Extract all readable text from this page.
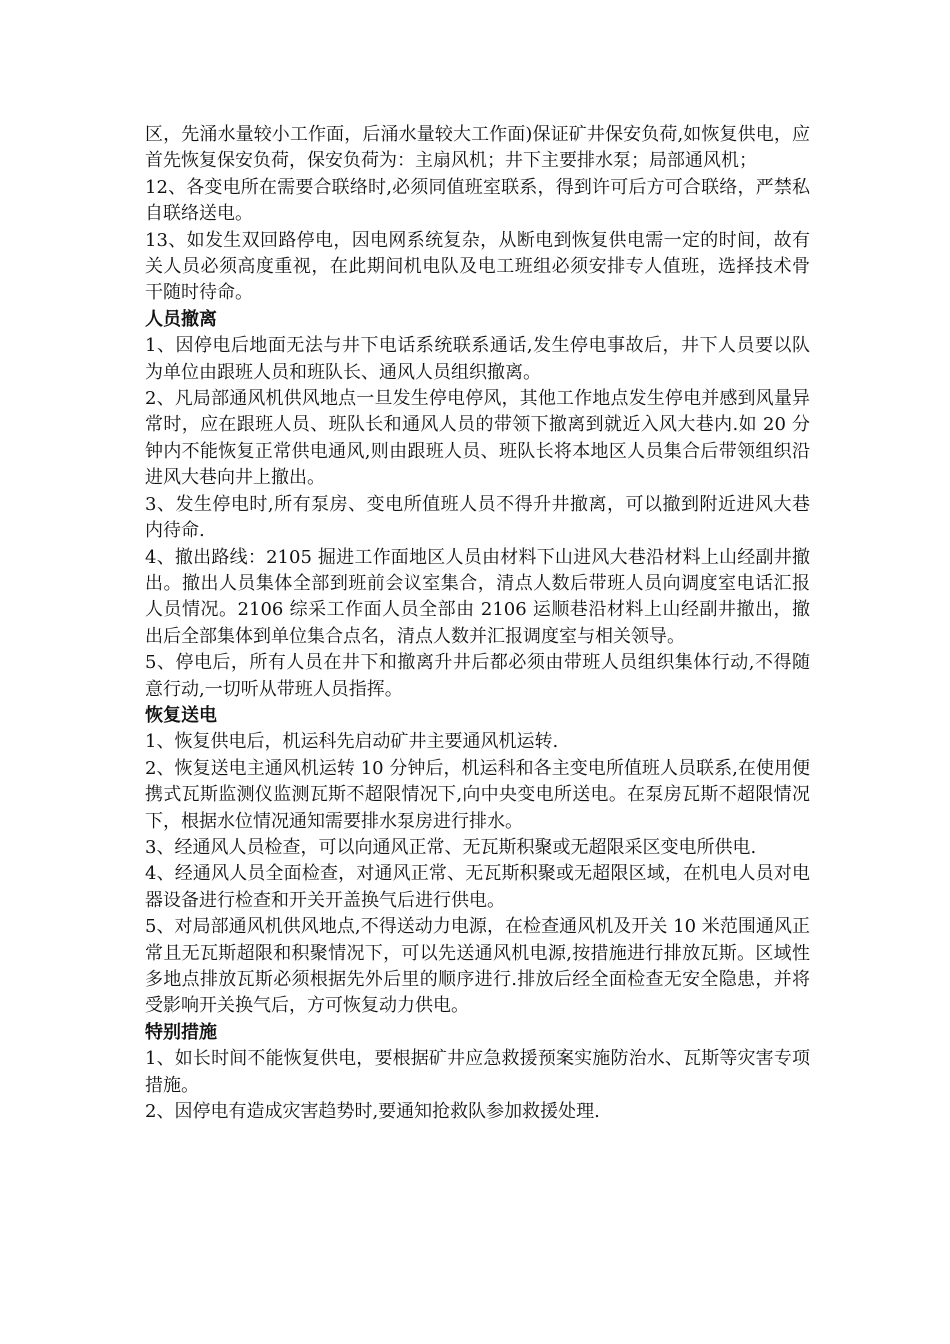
区，先涌水量较小工作面，后涌水量较大工作面)保证矿井保安负荷,如恢复供电，应首先恢复保安负荷，保安负荷为：主扇风机；井下主要排水泵；局部通风机；

12、各变电所在需要合联络时,必须同值班室联系，得到许可后方可合联络，严禁私自联络送电。

13、如发生双回路停电，因电网系统复杂，从断电到恢复供电需一定的时间，故有关人员必须高度重视，在此期间机电队及电工班组必须安排专人值班，选择技术骨干随时待命。

人员撤离

1、因停电后地面无法与井下电话系统联系通话,发生停电事故后，井下人员要以队为单位由跟班人员和班队长、通风人员组织撤离。

2、凡局部通风机供风地点一旦发生停电停风，其他工作地点发生停电并感到风量异常时，应在跟班人员、班队长和通风人员的带领下撤离到就近入风大巷内.如 20 分钟内不能恢复正常供电通风,则由跟班人员、班队长将本地区人员集合后带领组织沿进风大巷向井上撤出。

3、发生停电时,所有泵房、变电所值班人员不得升井撤离，可以撤到附近进风大巷内待命.

4、撤出路线：2105 掘进工作面地区人员由材料下山进风大巷沿材料上山经副井撤出。撤出人员集体全部到班前会议室集合，清点人数后带班人员向调度室电话汇报人员情况。2106 综采工作面人员全部由 2106 运顺巷沿材料上山经副井撤出，撤出后全部集体到单位集合点名，清点人数并汇报调度室与相关领导。

5、停电后，所有人员在井下和撤离升井后都必须由带班人员组织集体行动,不得随意行动,一切听从带班人员指挥。

恢复送电

1、恢复供电后，机运科先启动矿井主要通风机运转.

2、恢复送电主通风机运转 10 分钟后，机运科和各主变电所值班人员联系,在使用便携式瓦斯监测仪监测瓦斯不超限情况下,向中央变电所送电。在泵房瓦斯不超限情况下，根据水位情况通知需要排水泵房进行排水。

3、经通风人员检查，可以向通风正常、无瓦斯积聚或无超限采区变电所供电.

4、经通风人员全面检查，对通风正常、无瓦斯积聚或无超限区域，在机电人员对电器设备进行检查和开关开盖换气后进行供电。

5、对局部通风机供风地点,不得送动力电源，在检查通风机及开关 10 米范围通风正常且无瓦斯超限和积聚情况下，可以先送通风机电源,按措施进行排放瓦斯。区域性多地点排放瓦斯必须根据先外后里的顺序进行.排放后经全面检查无安全隐患，并将受影响开关换气后，方可恢复动力供电。

特别措施

1、如长时间不能恢复供电，要根据矿井应急救援预案实施防治水、瓦斯等灾害专项措施。

2、因停电有造成灾害趋势时,要通知抢救队参加救援处理.
